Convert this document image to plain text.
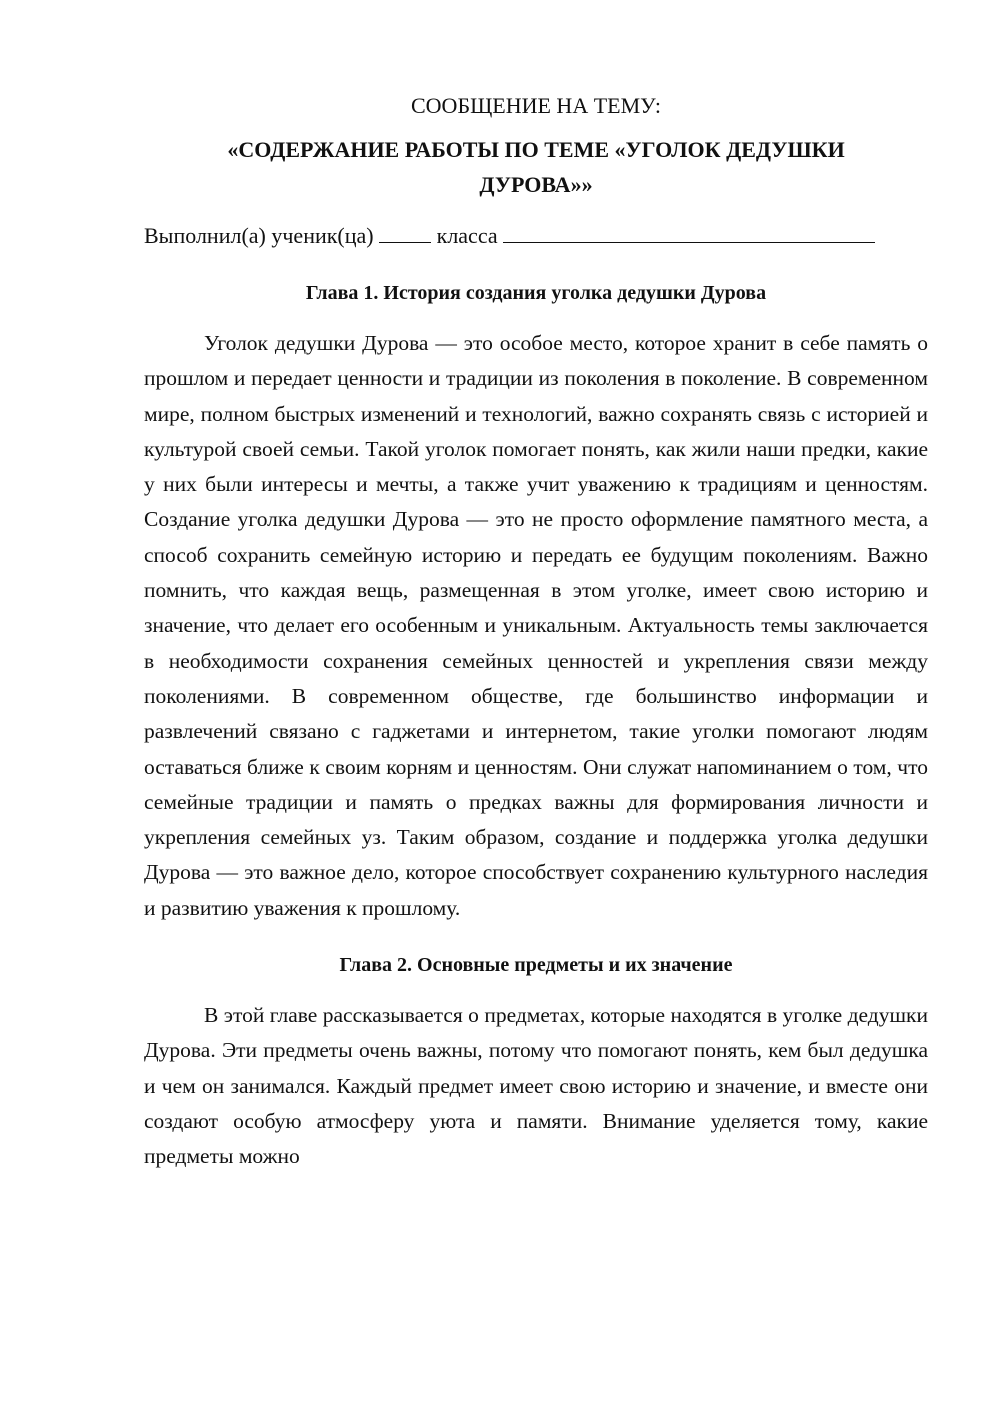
СООБЩЕНИЕ НА ТЕМУ:

«СОДЕРЖАНИЕ РАБОТЫ ПО ТЕМЕ «УГОЛОК ДЕДУШКИ ДУРОВА»»

Выполнил(а) ученик(ца)	класса

Глава 1. История создания уголка дедушки Дурова

Уголок дедушки Дурова — это особое место, которое хранит в себе память о прошлом и передает ценности и традиции из поколения в поколение. В современном мире, полном быстрых изменений и технологий, важно сохранять связь с историей и культурой своей семьи. Такой уголок помогает понять, как жили наши предки, какие у них были интересы и мечты, а также учит уважению к традициям и ценностям. Создание уголка дедушки Дурова — это не просто оформление памятного места, а способ сохранить семейную историю и передать ее будущим поколениям. Важно помнить, что каждая вещь, размещенная в этом уголке, имеет свою историю и значение, что делает его особенным и уникальным. Актуальность темы заключается в необходимости сохранения семейных ценностей и укрепления связи между поколениями. В современном обществе, где большинство информации и развлечений связано с гаджетами и интернетом, такие уголки помогают людям оставаться ближе к своим корням и ценностям. Они служат напоминанием о том, что семейные традиции и память о предках важны для формирования личности и укрепления семейных уз. Таким образом, создание и поддержка уголка дедушки Дурова — это важное дело, которое способствует сохранению культурного наследия и развитию уважения к прошлому.

Глава 2. Основные предметы и их значение

В этой главе рассказывается о предметах, которые находятся в уголке дедушки Дурова. Эти предметы очень важны, потому что помогают понять, кем был дедушка и чем он занимался. Каждый предмет имеет свою историю и значение, и вместе они создают особую атмосферу уюта и памяти. Внимание уделяется тому, какие предметы можно
